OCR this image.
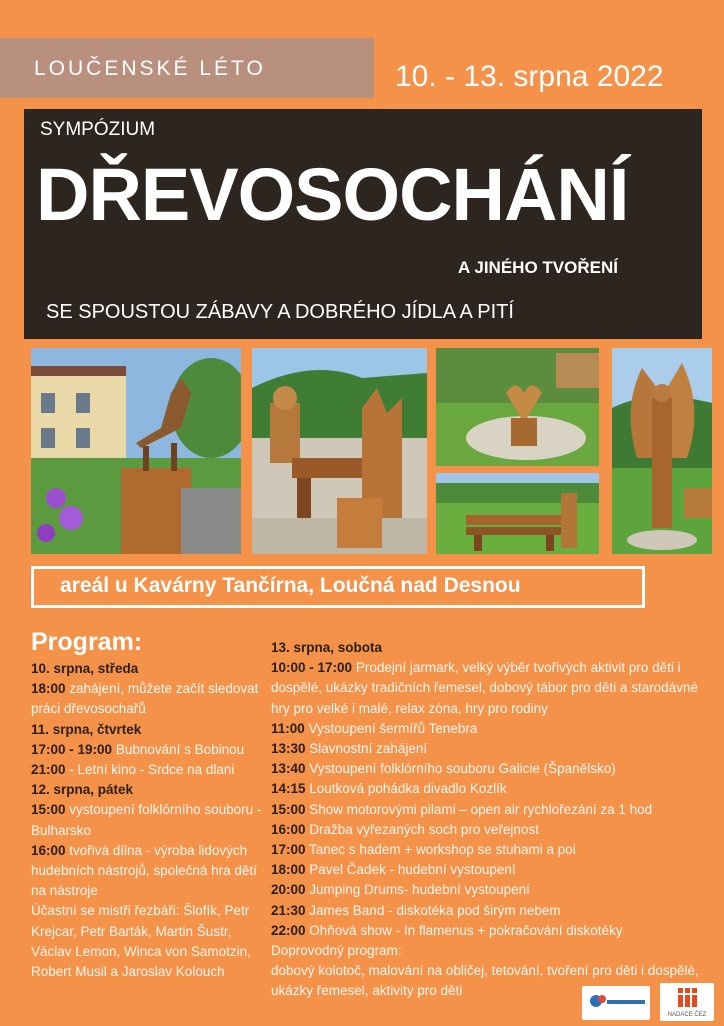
LOUČENSKÉ LÉTO	10. - 13. srpna 2022
SYMPÓZIUM
DŘEVOSOCHÁNÍ
A JINÉHO TVOŘENÍ
SE SPOUSTOU ZÁBAVY A DOBRÉHO JÍDLA A PITÍ
areál u Kavárny Tančírna, Loučná nad Desnou
Program:
10. srpna, středa
18:00 zahájení, můžete začít sledovat práci dřevosochařů
11. srpna, čtvrtek
17:00 - 19:00 Bubnování s Bobinou
21:00 - Letní kino - Srdce na dlani
12. srpna, pátek
15:00 vystoupení folklórního souboru - Bulharsko
16:00 tvořivá dílna - výroba lidových hudebních nástrojů, společná hra dětí na nástroje
Účastní se mistři řezbáři: Šlofík, Petr Krejcar, Petr Barták, Martin Šustr, Václav Lemon, Winca von Samotzin, Robert Musil a Jaroslav Kolouch
13. srpna, sobota
10:00 - 17:00 Prodejní jarmark, velký výběr tvořivých aktivit pro děti i dospělé, ukázky tradičních řemesel, dobový tábor pro děti a starodávné hry pro velké i malé, relax zóna, hry pro rodiny
11:00 Vystoupení šermířů Tenebra
13:30 Slavnostní zahájení
13:40 Vystoupení folklórního souboru Galicie (Španělsko)
14:15 Loutková pohádka divadlo Kozlík
15:00 Show motorovými pilami – open air rychlořezání za 1 hod
16:00 Dražba vyřezaných soch pro veřejnost
17:00 Tanec s hadem + workshop se stuhami a poi
18:00 Pavel Čadek - hudební vystoupení
20:00 Jumping Drums- hudební vystoupení
21:30 James Band - diskotéka pod širým nebem
22:00 Ohňová show - In flamenus + pokračování diskotéky
Doprovodný program:
dobový kolotoč, malování na obličej, tetování, tvoření pro děti i dospělé, ukázky řemesel, aktivity pro děti
NADACE ČEZ
